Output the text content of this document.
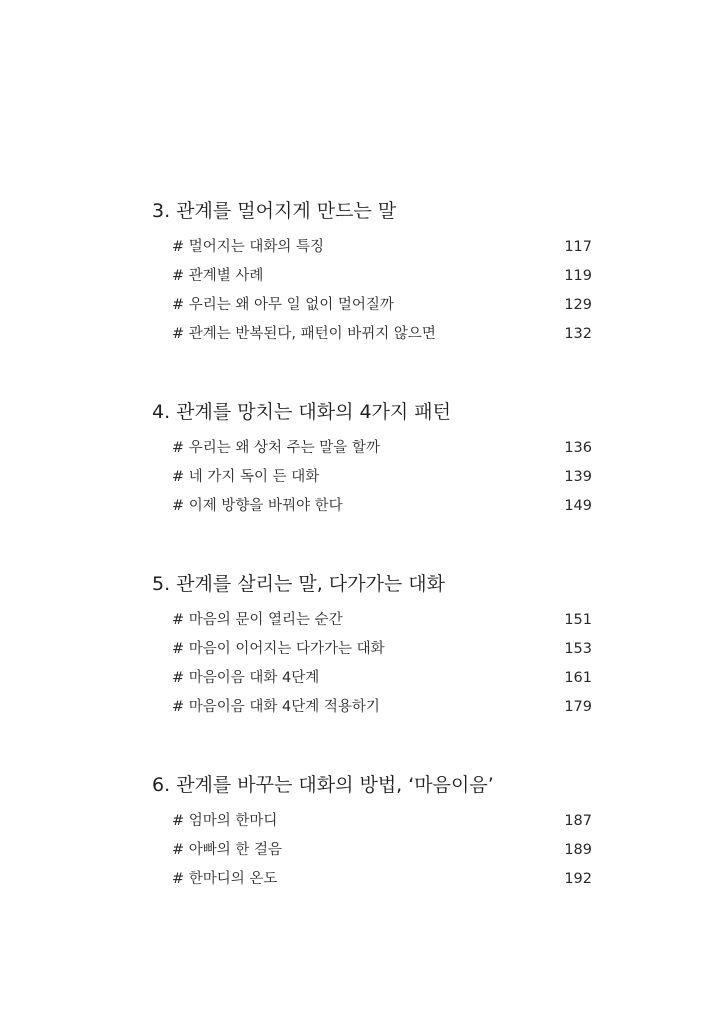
3. 관계를 멀어지게 만드는 말
# 멀어지는 대화의 특징	117
# 관계별 사례	119
# 우리는 왜 아무 일 없이 멀어질까	129
# 관계는 반복된다, 패턴이 바뀌지 않으면	132
4. 관계를 망치는 대화의 4가지 패턴
# 우리는 왜 상처 주는 말을 할까	136
# 네 가지 독이 든 대화	139
# 이제 방향을 바꿔야 한다	149
5. 관계를 살리는 말, 다가가는 대화
# 마음의 문이 열리는 순간	151
# 마음이 이어지는 다가가는 대화	153
# 마음이음 대화 4단계	161
# 마음이음 대화 4단계 적용하기	179
6. 관계를 바꾸는 대화의 방법, ‘마음이음’
# 엄마의 한마디	187
# 아빠의 한 걸음	189
# 한마디의 온도	192
